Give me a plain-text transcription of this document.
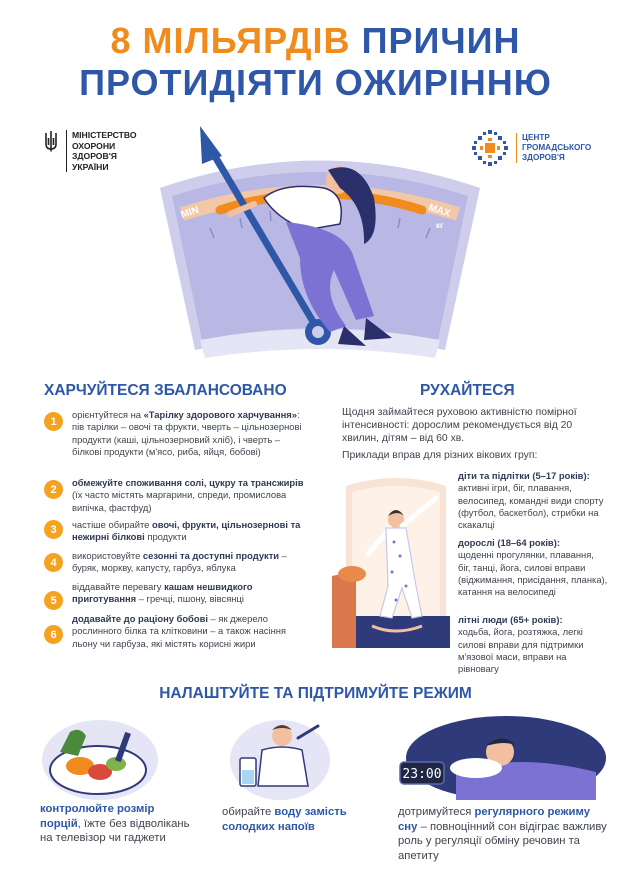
8 МІЛЬЯРДІВ ПРИЧИН
ПРОТИДІЯТИ ОЖИРІННЮ
МІНІСТЕРСТВО
ОХОРОНИ
ЗДОРОВ'Я
УКРАЇНИ
ЦЕНТР
ГРОМАДСЬКОГО
ЗДОРОВ'Я
MIN	MAX
кг
ХАРЧУЙТЕСЯ ЗБАЛАНСОВАНО
1
орієнтуйтеся на «Тарілку здорового харчування»: пів тарілки – овочі та фрукти, чверть – цільнозернові продукти (каші, цільнозерновий хліб), і чверть – білкові продукти (м'ясо, риба, яйця, бобові)
2
обмежуйте споживання солі, цукру та трансжирів (їх часто містять маргарини, спреди, промислова випічка, фастфуд)
3	частіше обирайте овочі, фрукти, цільнозернові та нежирні білкові продукти
4
використовуйте сезонні та доступні продукти – буряк, моркву, капусту, гарбуз, яблука
5
віддавайте перевагу кашам нешвидкого приготування – гречці, пшону, вівсянці
6
додавайте до раціону бобові – як джерело рослинного білка та клітковини – а також насіння льону чи гарбуза, які містять корисні жири
РУХАЙТЕСЯ
Щодня займайтеся руховою активністю помірної інтенсивності: дорослим рекомендується від 20 хвилин, дітям – від 60 хв.
Приклади вправ для різних вікових груп:
діти та підлітки (5–17 років):
активні ігри, біг, плавання, велосипед, командні види спорту (футбол, баскетбол), стрибки на скакалці
дорослі (18–64 років):
щоденні прогулянки, плавання, біг, танці, йога, силові вправи (віджимання, присідання, планка), катання на велосипеді
літні люди (65+ років):
ходьба, йога, розтяжка, легкі силові вправи для підтримки м'язової маси, вправи на рівновагу
НАЛАШТУЙТЕ ТА ПІДТРИМУЙТЕ РЕЖИМ
контролюйте розмір порцій, їжте без відволікань на телевізор чи гаджети
обирайте воду замість солодких напоїв
23:00
дотримуйтеся регулярного режиму сну – повноцінний сон відіграє важливу роль у регуляції обміну речовин та апетиту
